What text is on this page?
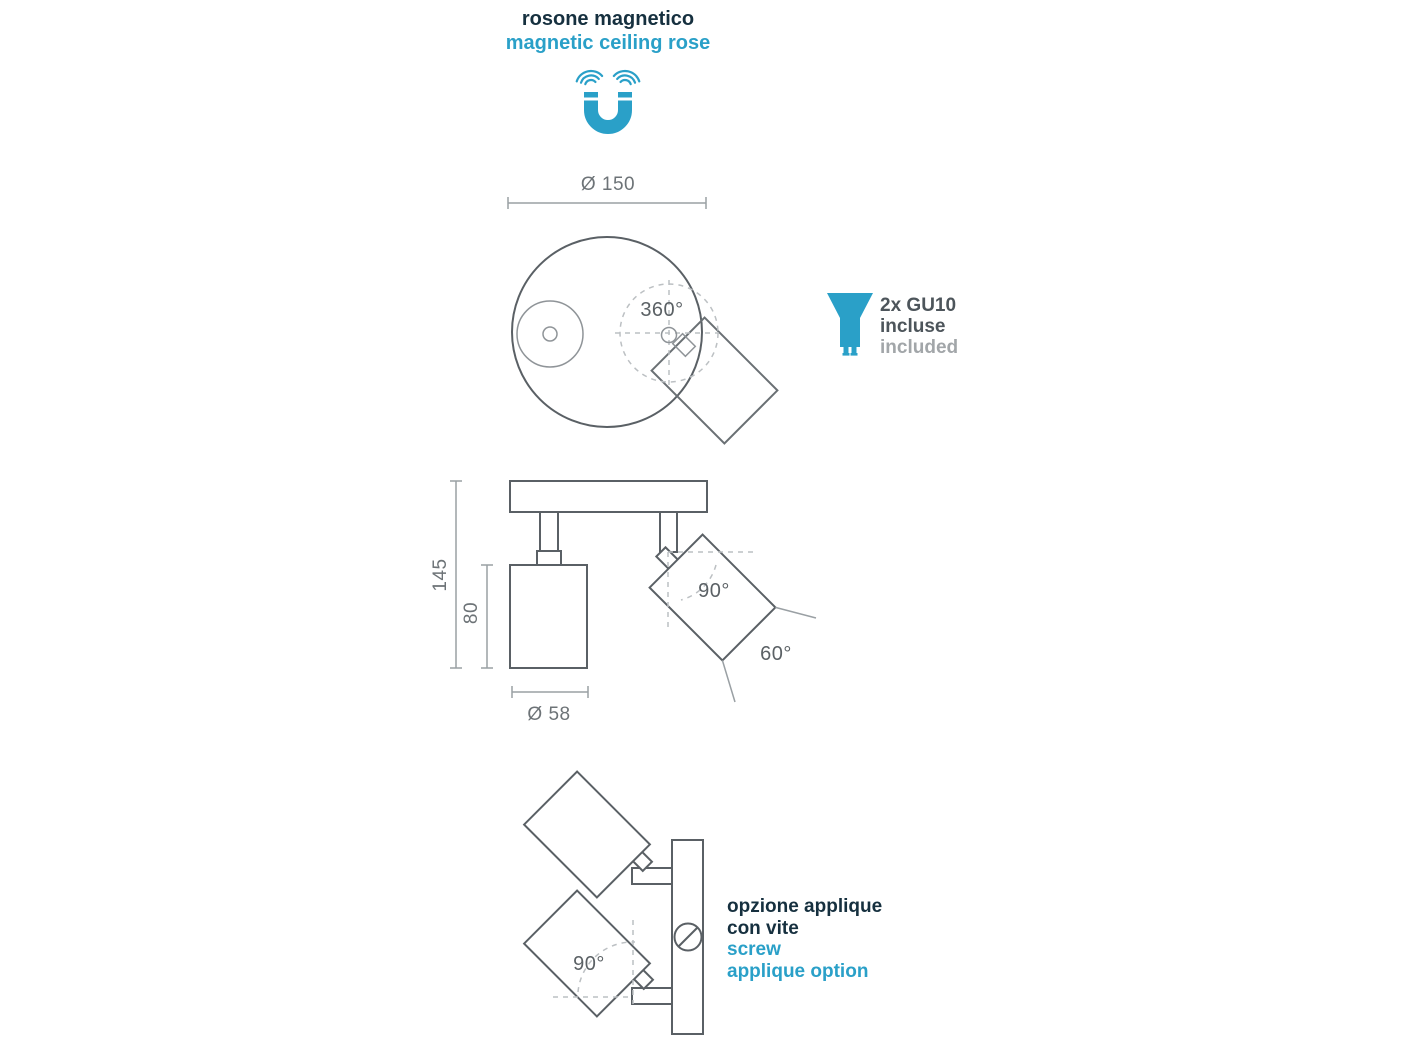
rosone magnetico
magnetic ceiling rose
Ø 150
360°	2x GU10
incluse
included
145
80
90°
60°
Ø 58
90°
opzione applique
con vite
screw
applique option
